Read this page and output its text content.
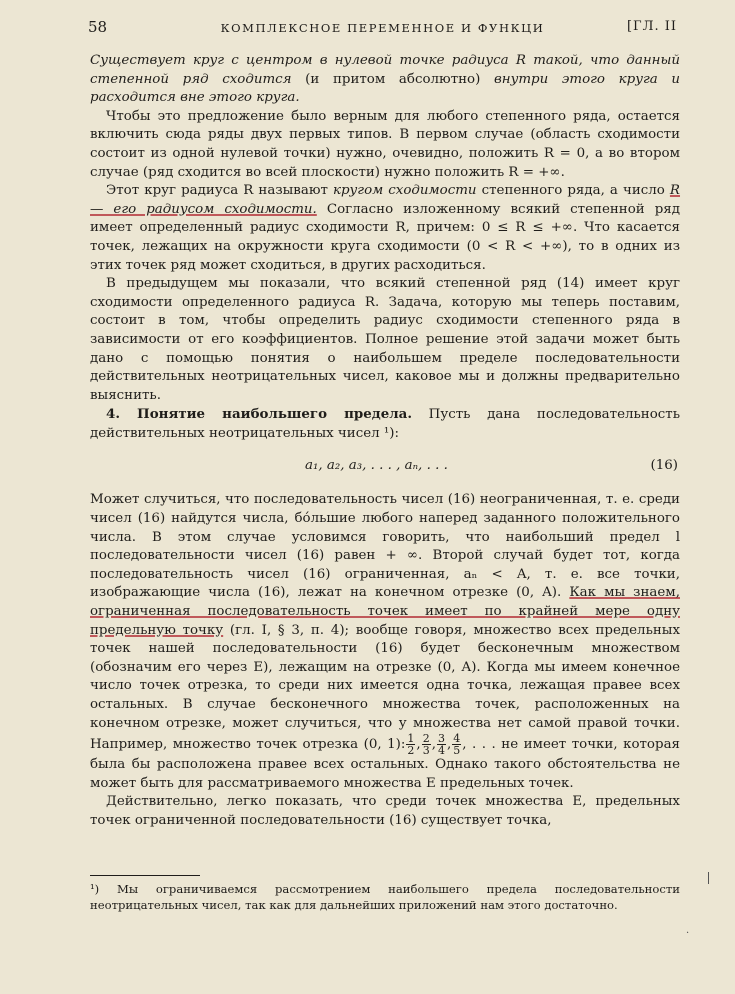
58	КОМПЛЕКСНОЕ ПЕРЕМЕННОЕ И ФУНКЦИ	[ГЛ. II

Существует круг с центром в нулевой точке радиуса R такой, что данный степенной ряд сходится (и притом абсолютно) внутри этого круга и расходится вне этого круга.

Чтобы это предложение было верным для любого степенного ряда, остается включить сюда ряды двух первых типов. В первом случае (область сходимости состоит из одной нулевой точки) нужно, очевидно, положить R = 0, а во втором случае (ряд сходится во всей плоскости) нужно положить R = +∞.

Этот круг радиуса R называют кругом сходимости степенного ряда, а число R — его радиусом сходимости. Согласно изложенному всякий степенной ряд имеет определенный радиус сходимости R, причем: 0 ≤ R ≤ +∞. Что касается точек, лежащих на окружности круга сходимости (0 < R < +∞), то в одних из этих точек ряд может сходиться, в других расходиться.

В предыдущем мы показали, что всякий степенной ряд (14) имеет круг сходимости определенного радиуса R. Задача, которую мы теперь поставим, состоит в том, чтобы определить радиус сходимости степенного ряда в зависимости от его коэффициентов. Полное решение этой задачи может быть дано с помощью понятия о наибольшем пределе последовательности действительных неотрицательных чисел, каковое мы и должны предварительно выяснить.

4. Понятие наибольшего предела. Пусть дана последовательность действительных неотрицательных чисел ¹):

a₁, a₂, a₃, . . . , aₙ, . . .	(16)

Может случиться, что последовательность чисел (16) неограниченная, т. е. среди чисел (16) найдутся числа, бо́льшие любого наперед заданного положительного числа. В этом случае условимся говорить, что наибольший предел l последовательности чисел (16) равен + ∞. Второй случай будет тот, когда последовательность чисел (16) ограниченная, aₙ < A, т. е. все точки, изображающие числа (16), лежат на конечном отрезке (0, A). Как мы знаем, ограниченная последовательность точек имеет по крайней мере одну предельную точку (гл. I, § 3, п. 4); вообще говоря, множество всех предельных точек нашей последовательности (16) будет бесконечным множеством (обозначим его через E), лежащим на отрезке (0, A). Когда мы имеем конечное число точек отрезка, то среди них имеется одна точка, лежащая правее всех остальных. В случае бесконечного множества точек, расположенных на конечном отрезке, может случиться, что у множества нет самой правой точки. Например, множество точек отрезка (0, 1): $\frac{1}{2}$ , $\frac{2}{3}$ , $\frac{3}{4}$ , $\frac{4}{5}$ , . . . не имеет точки, которая была бы расположена правее всех остальных. Однако такого обстоятельства не может быть для рассматриваемого множества E предельных точек.

Действительно, легко показать, что среди точек множества E, предельных точек ограниченной последовательности (16) существует точка,

¹) Мы ограничиваемся рассмотрением наибольшего предела последовательности неотрицательных чисел, так как для дальнейших приложений нам этого достаточно.
·
